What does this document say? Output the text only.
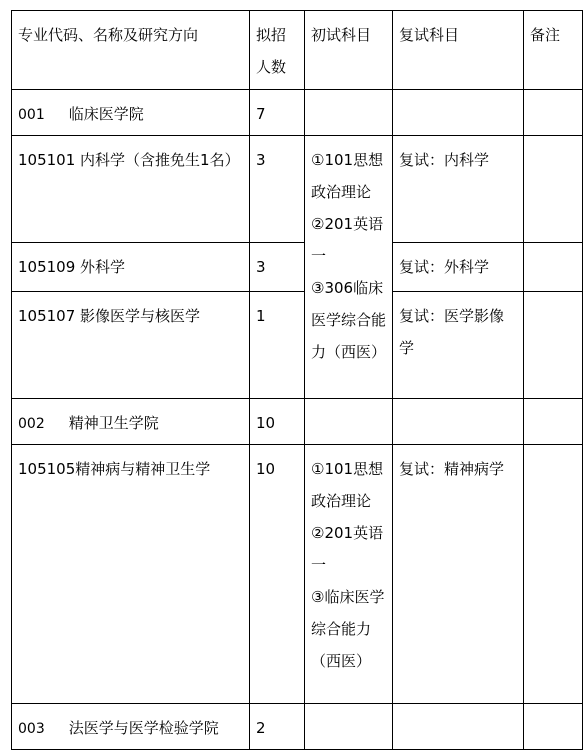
专业代码、名称及研究方向	拟招人数	初试科目	复试科目	备注
001 临床医学院	7			
105101 内科学（含推免生1名）	3	①101思想政治理论
②201英语一
③306临床医学综合能力（西医）	复试：内科学	
105109 外科学	3		复试：外科学	
105107 影像医学与核医学	1		复试：医学影像学	
002 精神卫生学院	10			
105105精神病与精神卫生学	10	①101思想政治理论
②201英语一
③临床医学综合能力（西医）	复试：精神病学	
003 法医学与医学检验学院	2			
